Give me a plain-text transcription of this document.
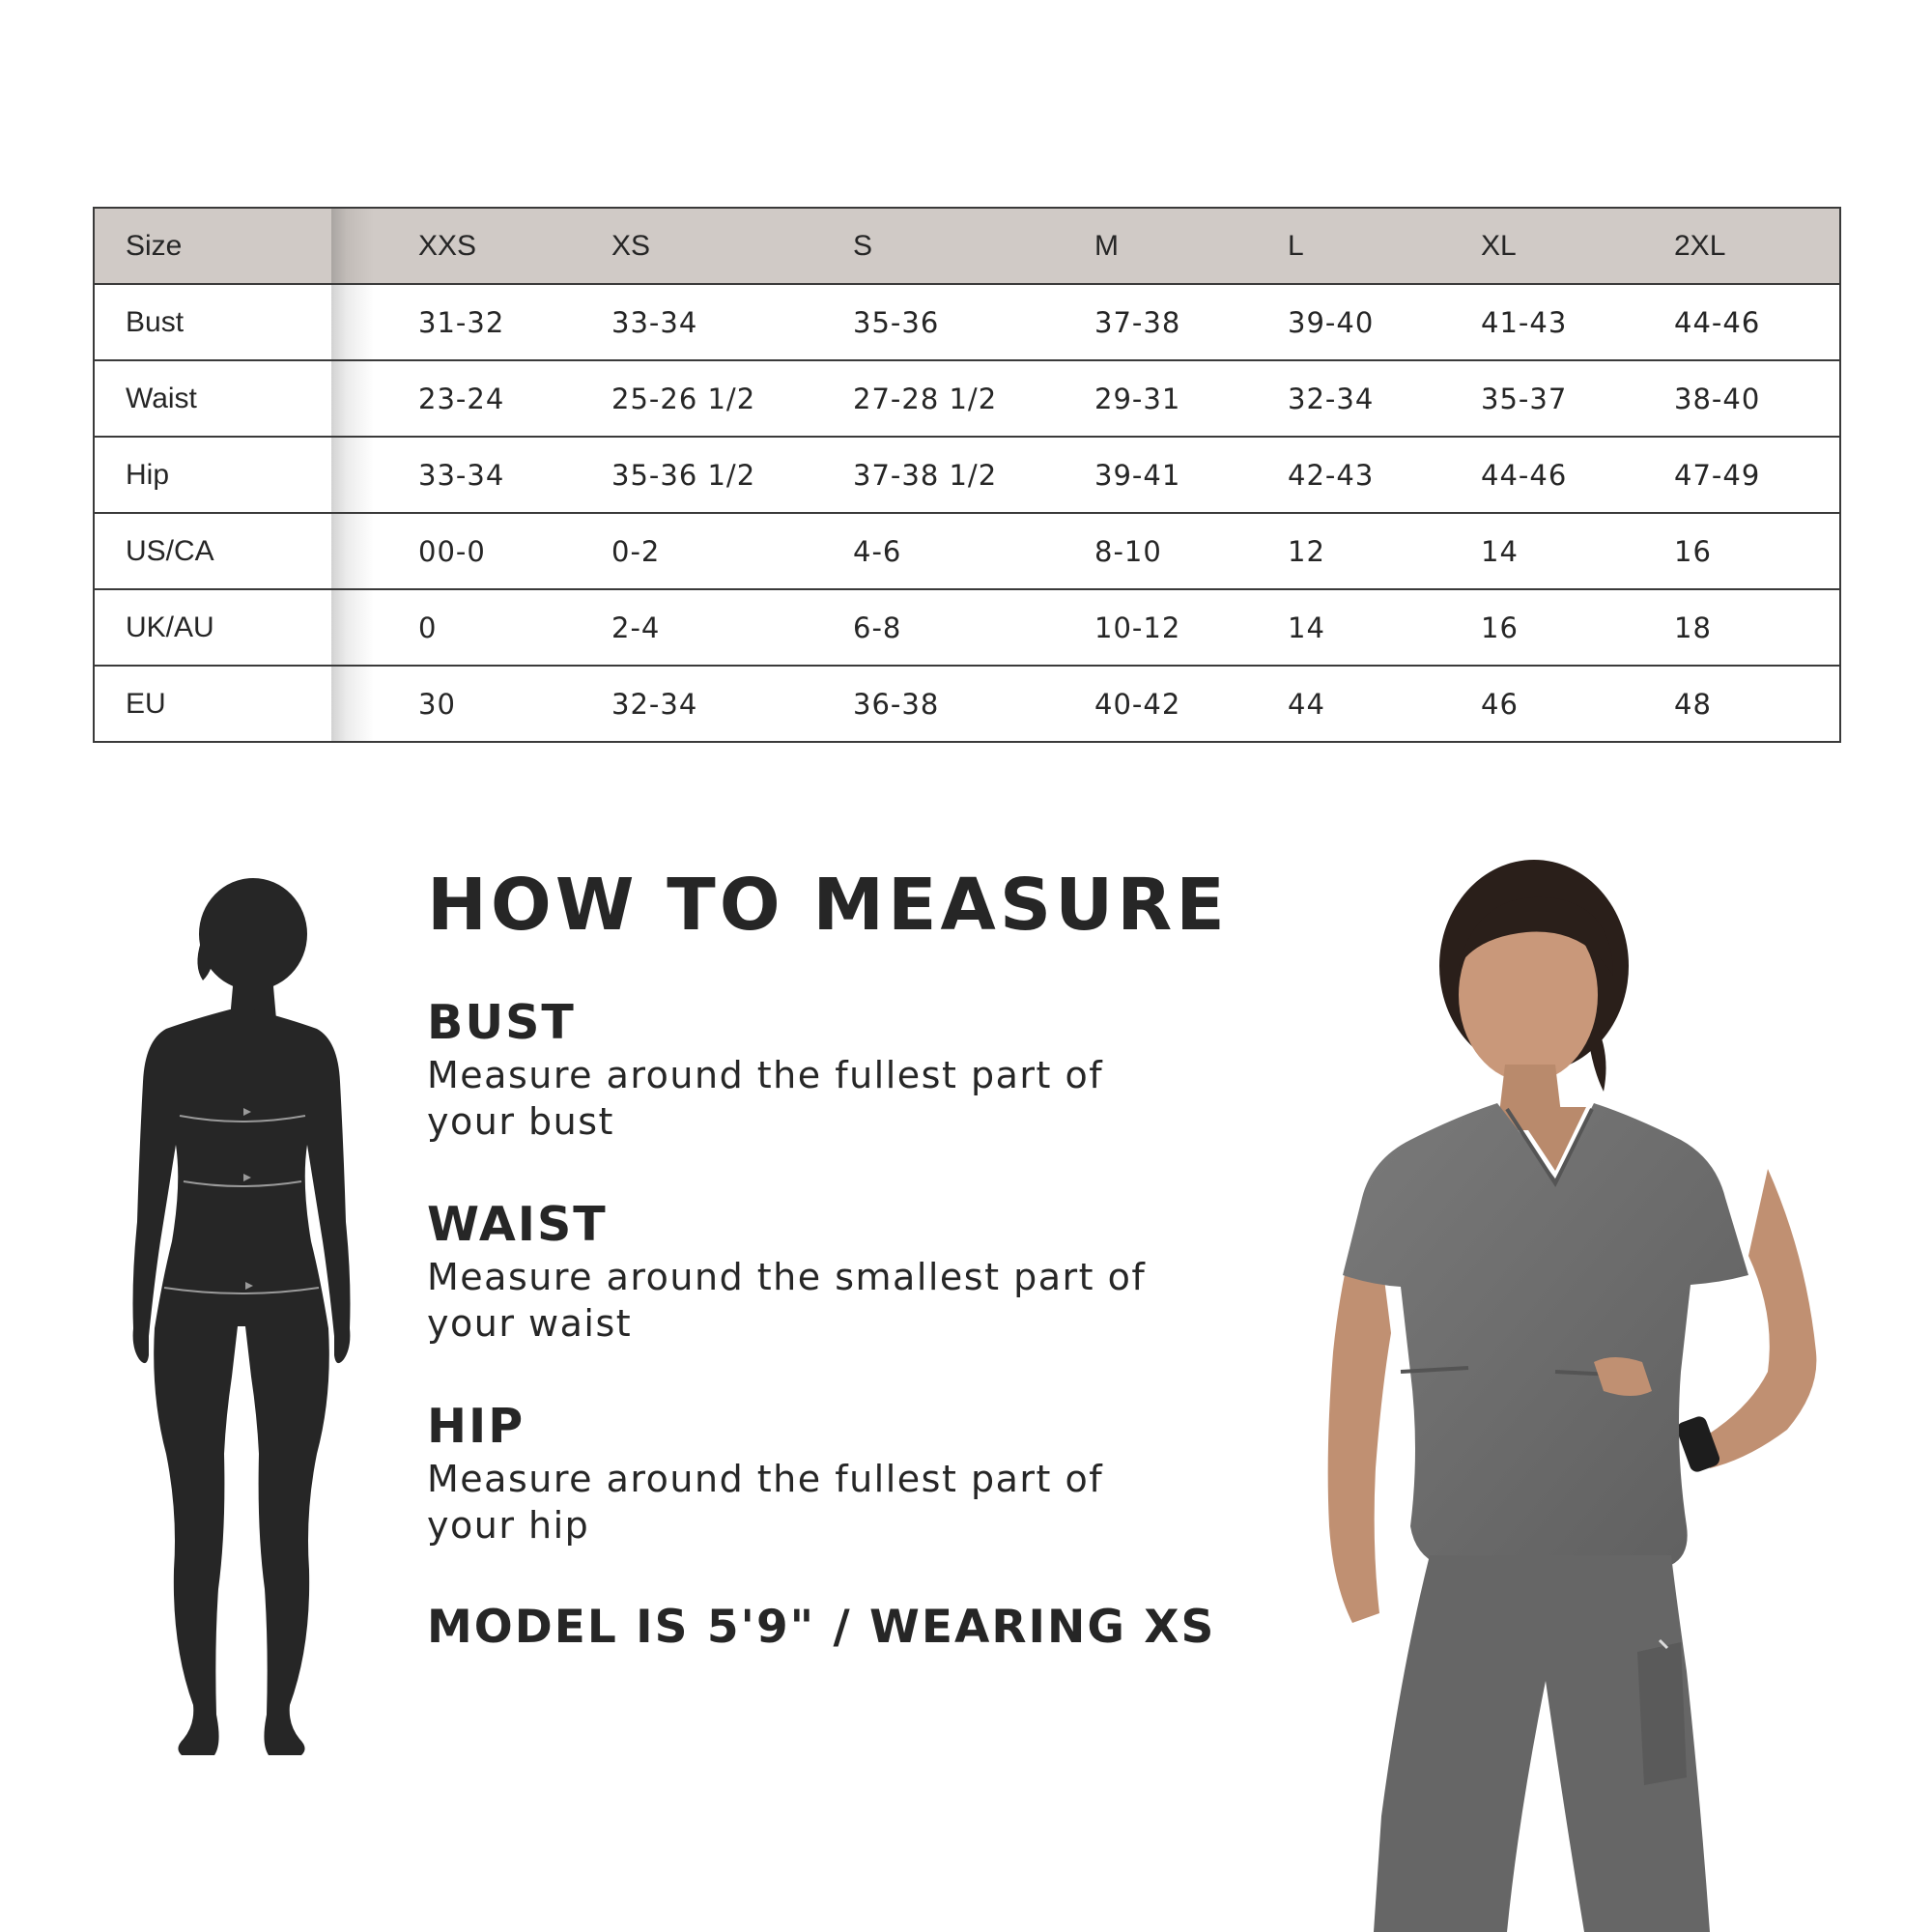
Size		XXS	XS	S	M	L	XL	2XL
Bust		31-32	33-34	35-36	37-38	39-40	41-43	44-46
Waist		23-24	25-26 1/2	27-28 1/2	29-31	32-34	35-37	38-40
Hip		33-34	35-36 1/2	37-38 1/2	39-41	42-43	44-46	47-49
US/CA		00-0	0-2	4-6	8-10	12	14	16
UK/AU		0	2-4	6-8	10-12	14	16	18
EU		30	32-34	36-38	40-42	44	46	48
HOW TO MEASURE
BUST
Measure around the fullest part of your bust
WAIST
Measure around the smallest part of your waist
HIP
Measure around the fullest part of your hip
MODEL IS 5'9" / WEARING XS
